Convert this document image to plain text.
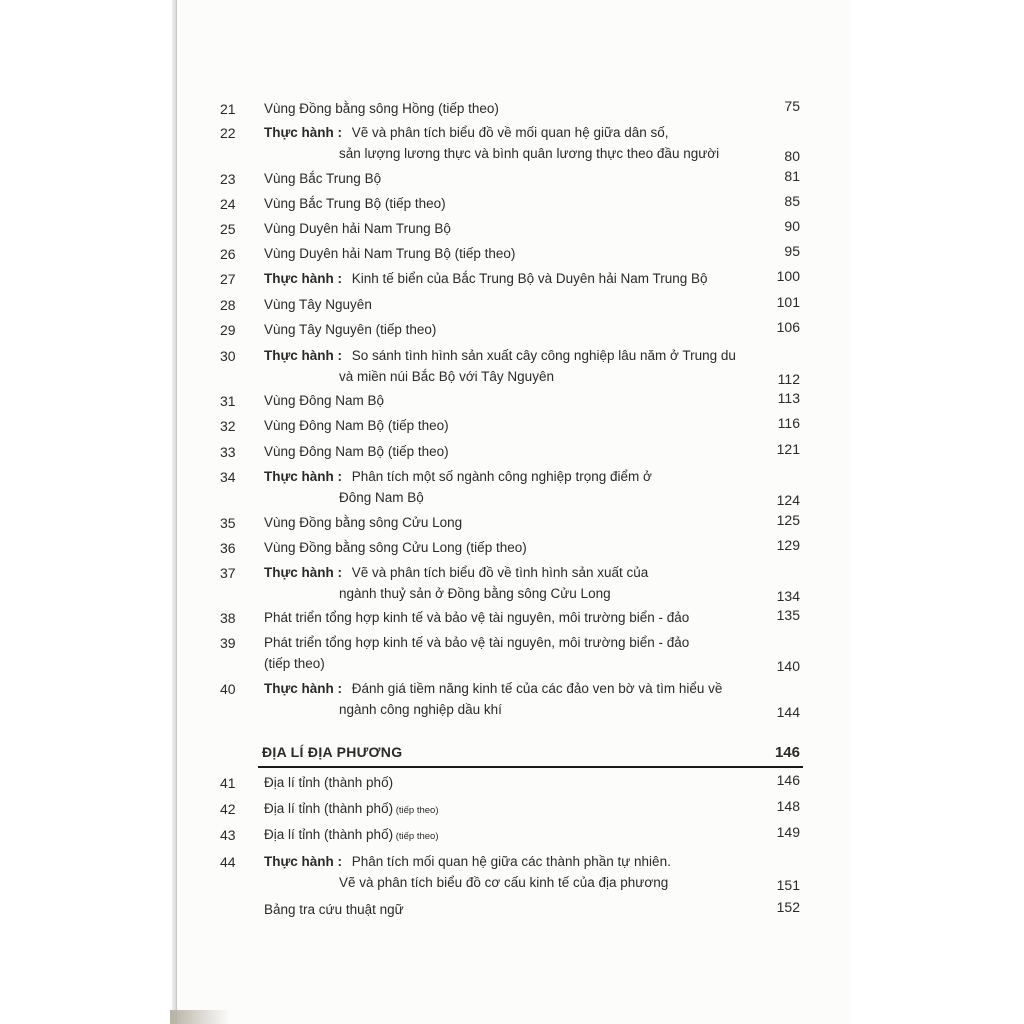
ĐỊA LÍ ĐỊA PHƯƠNG	146
21	Vùng Đồng bằng sông Hồng (tiếp theo)	75
22	Thực hành : Vẽ và phân tích biểu đồ về mối quan hệ giữa dân số,
sản lượng lương thực và bình quân lương thực theo đầu người	80
23	Vùng Bắc Trung Bộ	81
24	Vùng Bắc Trung Bộ (tiếp theo)	85
25	Vùng Duyên hải Nam Trung Bộ	90
26	Vùng Duyên hải Nam Trung Bộ (tiếp theo)	95
27	Thực hành : Kinh tế biển của Bắc Trung Bộ và Duyên hải Nam Trung Bộ	100
28	Vùng Tây Nguyên	101
29	Vùng Tây Nguyên (tiếp theo)	106
30	Thực hành : So sánh tình hình sản xuất cây công nghiệp lâu năm ở Trung du
và miền núi Bắc Bộ với Tây Nguyên	112
31	Vùng Đông Nam Bộ	113
32	Vùng Đông Nam Bộ (tiếp theo)	116
33	Vùng Đông Nam Bộ (tiếp theo)	121
34	Thực hành : Phân tích một số ngành công nghiệp trọng điểm ở
Đông Nam Bộ	124
35	Vùng Đồng bằng sông Cửu Long	125
36	Vùng Đồng bằng sông Cửu Long (tiếp theo)	129
37	Thực hành : Vẽ và phân tích biểu đồ về tình hình sản xuất của
ngành thuỷ sản ở Đồng bằng sông Cửu Long	134
38	Phát triển tổng hợp kinh tế và bảo vệ tài nguyên, môi trường biển - đảo	135
39	Phát triển tổng hợp kinh tế và bảo vệ tài nguyên, môi trường biển - đảo
(tiếp theo)	140
40	Thực hành : Đánh giá tiềm năng kinh tế của các đảo ven bờ và tìm hiểu về
ngành công nghiệp dầu khí	144
41	Địa lí tỉnh (thành phố)	146
42	Địa lí tỉnh (thành phố) (tiếp theo)	148
43	Địa lí tỉnh (thành phố) (tiếp theo)	149
44	Thực hành : Phân tích mối quan hệ giữa các thành phần tự nhiên.
Vẽ và phân tích biểu đồ cơ cấu kinh tế của địa phương	151
Bảng tra cứu thuật ngữ	152
